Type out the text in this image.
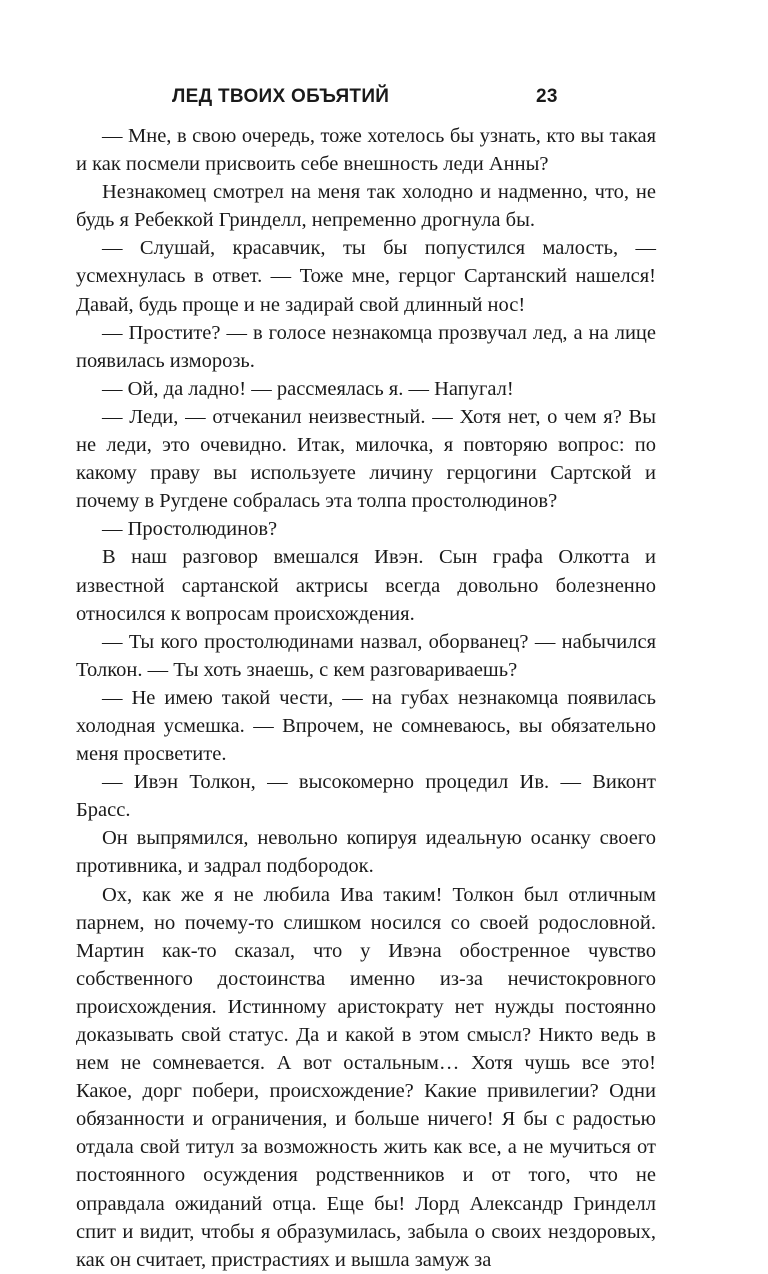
ЛЕД ТВОИХ ОБЪЯТИЙ	23

— Мне, в свою очередь, тоже хотелось бы узнать, кто вы такая и как посмели присвоить себе внешность леди Анны?

Незнакомец смотрел на меня так холодно и надменно, что, не будь я Ребеккой Гринделл, непременно дрогнула бы.

— Слушай, красавчик, ты бы попустился малость, — усмехнулась в ответ. — Тоже мне, герцог Сартанский нашелся! Давай, будь проще и не задирай свой длинный нос!

— Простите? — в голосе незнакомца прозвучал лед, а на лице появилась изморозь.

— Ой, да ладно! — рассмеялась я. — Напугал!

— Леди, — отчеканил неизвестный. — Хотя нет, о чем я? Вы не леди, это очевидно. Итак, милочка, я повторяю вопрос: по какому праву вы используете личину герцогини Сартской и почему в Ругдене собралась эта толпа простолюдинов?

— Простолюдинов?

В наш разговор вмешался Ивэн. Сын графа Олкотта и известной сартанской актрисы всегда довольно болезненно относился к вопросам происхождения.

— Ты кого простолюдинами назвал, оборванец? — набычился Толкон. — Ты хоть знаешь, с кем разговариваешь?

— Не имею такой чести, — на губах незнакомца появилась холодная усмешка. — Впрочем, не сомневаюсь, вы обязательно меня просветите.

— Ивэн Толкон, — высокомерно процедил Ив. — Виконт Брасс.

Он выпрямился, невольно копируя идеальную осанку своего противника, и задрал подбородок.

Ох, как же я не любила Ива таким! Толкон был отличным парнем, но почему-то слишком носился со своей родословной. Мартин как-то сказал, что у Ивэна обостренное чувство собственного достоинства именно из-за нечистокровного происхождения. Истинному аристократу нет нужды постоянно доказывать свой статус. Да и какой в этом смысл? Никто ведь в нем не сомневается. А вот остальным… Хотя чушь все это! Какое, дорг побери, происхождение? Какие привилегии? Одни обязанности и ограничения, и больше ничего! Я бы с радостью отдала свой титул за возможность жить как все, а не мучиться от постоянного осуждения родственников и от того, что не оправдала ожиданий отца. Еще бы! Лорд Александр Гринделл спит и видит, чтобы я образумилась, забыла о своих нездоровых, как он считает, пристрастиях и вышла замуж за
